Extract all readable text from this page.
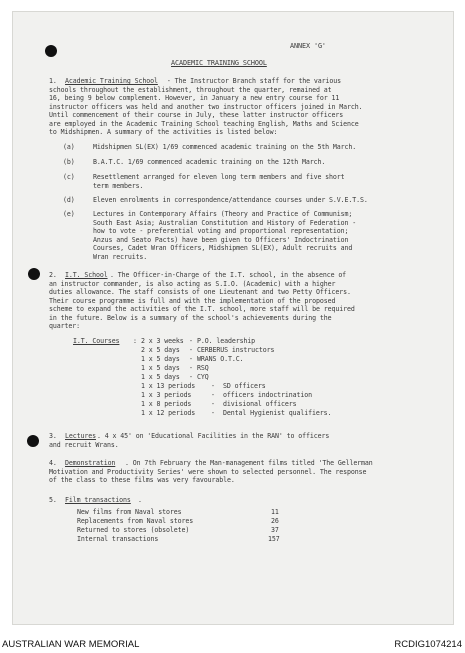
ANNEX 'G'
ACADEMIC TRAINING SCHOOL
1. Academic Training School - The Instructor Branch staff for the various
schools throughout the establishment, throughout the quarter, remained at
16, being 9 below complement. However, in January a new entry course for 11
instructor officers was held and another two instructor officers joined in March.
Until commencement of their course in July, these latter instructor officers
are employed in the Academic Training School teaching English, Maths and Science
to Midshipmen. A summary of the activities is listed below:
(a)	Midshipmen SL(EX) 1/69 commenced academic training on the 5th March.
(b)	B.A.T.C. 1/69 commenced academic training on the 12th March.
(c)	Resettlement arranged for eleven long term members and five short
term members.
(d)	Eleven enrolments in correspondence/attendance courses under S.V.E.T.S.
(e)	Lectures in Contemporary Affairs (Theory and Practice of Communism;
South East Asia; Australian Constitution and History of Federation -
how to vote - preferential voting and proportional representation;
Anzus and Seato Pacts) have been given to Officers' Indoctrination
Courses, Cadet Wran Officers, Midshipmen SL(EX), Adult recruits and
Wran recruits.
2. I.T. School . The Officer-in-Charge of the I.T. school, in the absence of
an instructor commander, is also acting as S.I.O. (Academic) with a higher
duties allowance. The staff consists of one Lieutenant and two Petty Officers.
Their course programme is full and with the implementation of the proposed
scheme to expand the activities of the I.T. school, more staff will be required
in the future. Below is a summary of the school's achievements during the
quarter:
I.T. Courses	: 2 x 3 weeks - P.O. leadership
2 x 5 days - CERBERUS instructors
1 x 5 days - WRANS O.T.C.
1 x 5 days - RSQ
1 x 5 days - CYQ
1 x 13 periods - SD officers
1 x 3 periods	- officers indoctrination
1 x 8 periods	- divisional officers
1 x 12 periods - Dental Hygienist qualifiers.
3. Lectures . 4 x 45' on 'Educational Facilities in the RAN' to officers
and recruit Wrans.
4. Demonstration . On 7th February the Man-management films titled 'The Gellerman
Motivation and Productivity Series' were shown to selected personnel. The response
of the class to these films was very favourable.
5. Film transactions .
New films from Naval stores	11
Replacements from Naval stores	26
Returned to stores (obsolete)	37
Internal transactions	157
AUSTRALIAN WAR MEMORIAL	RCDIG1074214
